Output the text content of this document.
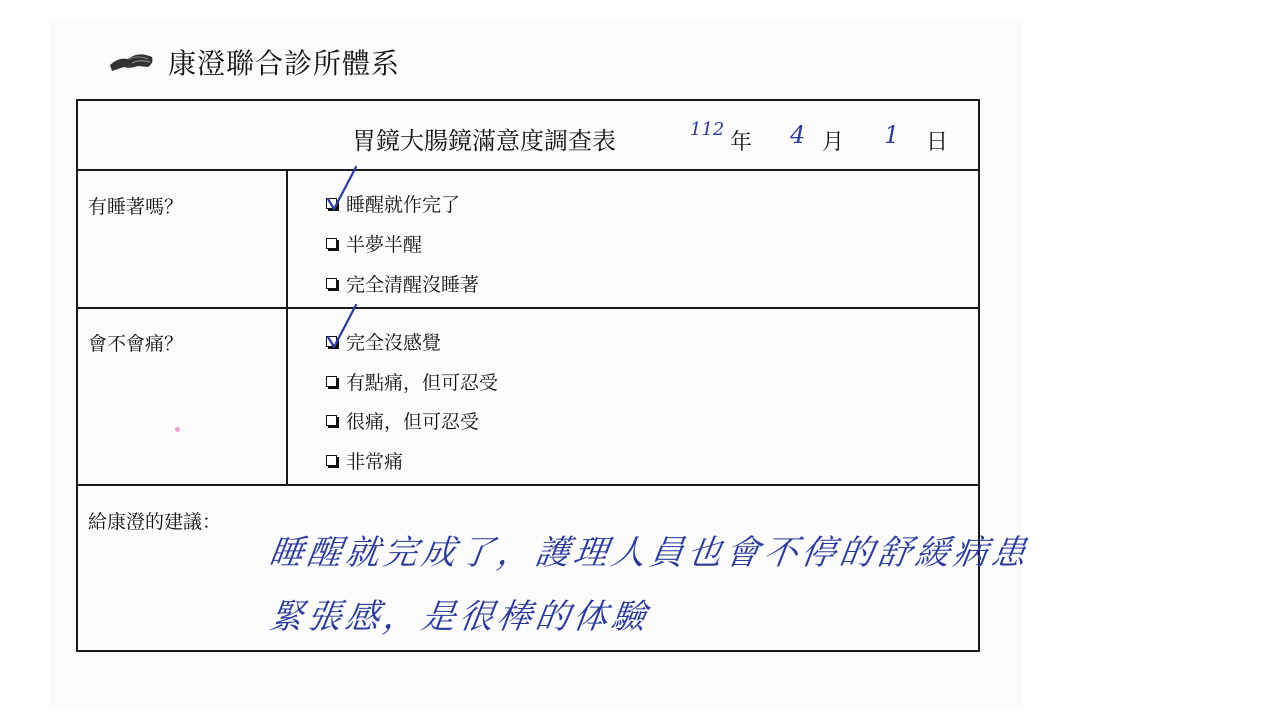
康澄聯合診所體系
胃鏡大腸鏡滿意度調查表	112
年 4 月 1 日
有睡著嗎？	睡醒就作完了
半夢半醒
完全清醒沒睡著
會不會痛？	完全沒感覺
有點痛，但可忍受
很痛，但可忍受
非常痛
給康澄的建議：
睡醒就完成了，護理人員也會不停的舒緩病患
緊張感，是很棒的体驗
